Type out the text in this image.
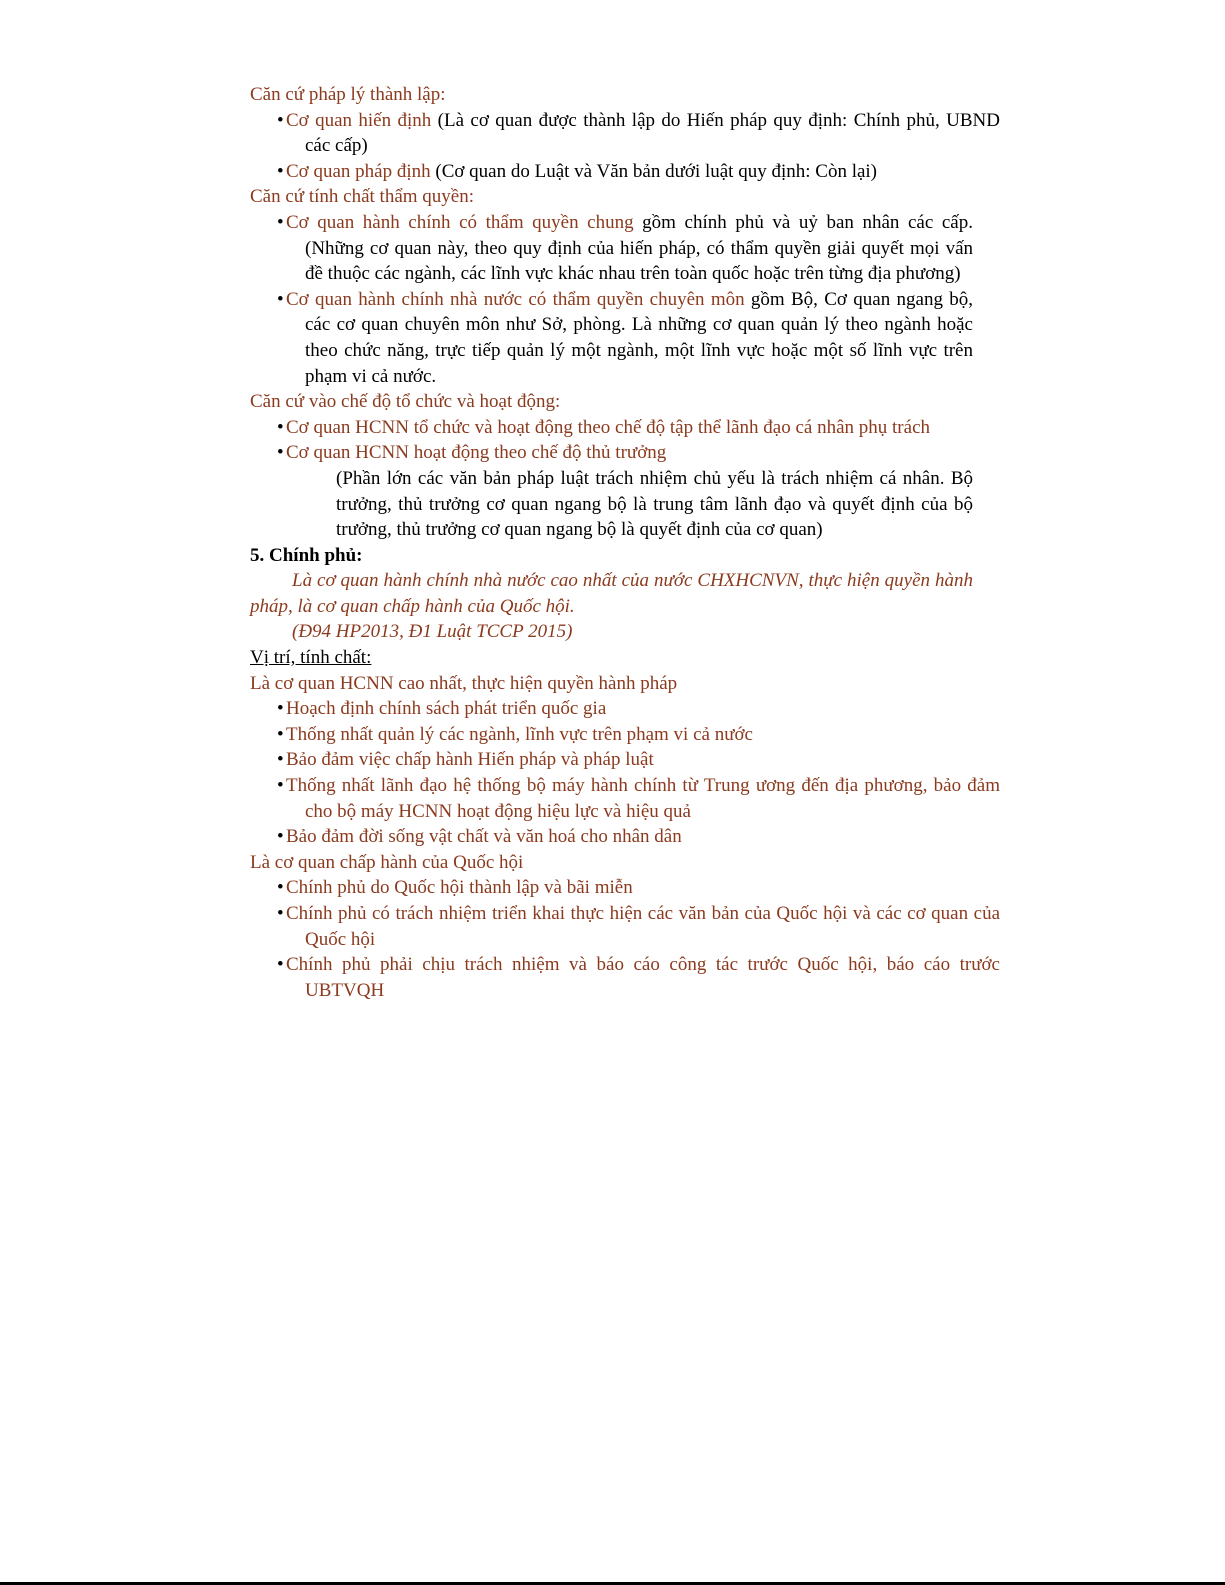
Căn cứ pháp lý thành lập:

• Cơ quan hiến định (Là cơ quan được thành lập do Hiến pháp quy định: Chính phủ, UBND các cấp)

• Cơ quan pháp định (Cơ quan do Luật và Văn bản dưới luật quy định: Còn lại)

Căn cứ tính chất thẩm quyền:

• Cơ quan hành chính có thẩm quyền chung gồm chính phủ và uỷ ban nhân các cấp. (Những cơ quan này, theo quy định của hiến pháp, có thẩm quyền giải quyết mọi vấn đề thuộc các ngành, các lĩnh vực khác nhau trên toàn quốc hoặc trên từng địa phương)

• Cơ quan hành chính nhà nước có thẩm quyền chuyên môn gồm Bộ, Cơ quan ngang bộ, các cơ quan chuyên môn như Sở, phòng. Là những cơ quan quản lý theo ngành hoặc theo chức năng, trực tiếp quản lý một ngành, một lĩnh vực hoặc một số lĩnh vực trên phạm vi cả nước.

Căn cứ vào chế độ tổ chức và hoạt động:

• Cơ quan HCNN tổ chức và hoạt động theo chế độ tập thể lãnh đạo cá nhân phụ trách

• Cơ quan HCNN hoạt động theo chế độ thủ trưởng

(Phần lớn các văn bản pháp luật trách nhiệm chủ yếu là trách nhiệm cá nhân. Bộ trưởng, thủ trưởng cơ quan ngang bộ là trung tâm lãnh đạo và quyết định của bộ trưởng, thủ trưởng cơ quan ngang bộ là quyết định của cơ quan)

5. Chính phủ:

Là cơ quan hành chính nhà nước cao nhất của nước CHXHCNVN, thực hiện quyền hành pháp, là cơ quan chấp hành của Quốc hội.

(Đ94 HP2013, Đ1 Luật TCCP 2015)

Vị trí, tính chất:

Là cơ quan HCNN cao nhất, thực hiện quyền hành pháp

• Hoạch định chính sách phát triển quốc gia

• Thống nhất quản lý các ngành, lĩnh vực trên phạm vi cả nước

• Bảo đảm việc chấp hành Hiến pháp và pháp luật

• Thống nhất lãnh đạo hệ thống bộ máy hành chính từ Trung ương đến địa phương, bảo đảm cho bộ máy HCNN hoạt động hiệu lực và hiệu quả

• Bảo đảm đời sống vật chất và văn hoá cho nhân dân

Là cơ quan chấp hành của Quốc hội

• Chính phủ do Quốc hội thành lập và bãi miễn

• Chính phủ có trách nhiệm triển khai thực hiện các văn bản của Quốc hội và các cơ quan của Quốc hội

• Chính phủ phải chịu trách nhiệm và báo cáo công tác trước Quốc hội, báo cáo trước UBTVQH
